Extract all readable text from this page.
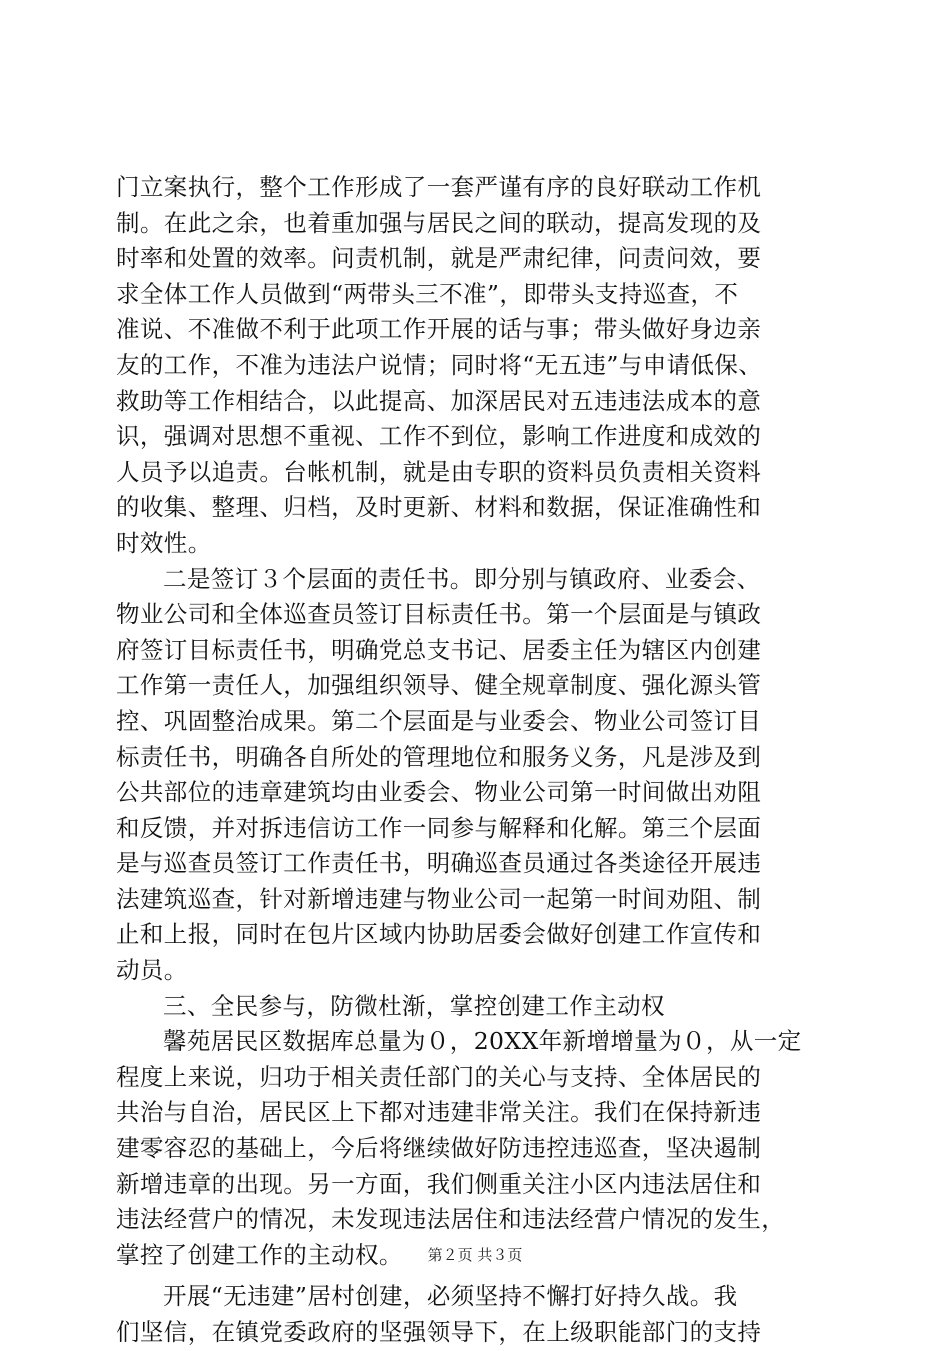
门立案执行，整个工作形成了一套严谨有序的良好联动工作机
制。在此之余，也着重加强与居民之间的联动，提高发现的及
时率和处置的效率。问责机制，就是严肃纪律，问责问效，要
求全体工作人员做到“两带头三不准”，即带头支持巡查，不
准说、不准做不利于此项工作开展的话与事；带头做好身边亲
友的工作，不准为违法户说情；同时将“无五违”与申请低保、
救助等工作相结合，以此提高、加深居民对五违违法成本的意
识，强调对思想不重视、工作不到位，影响工作进度和成效的
人员予以追责。台帐机制，就是由专职的资料员负责相关资料
的收集、整理、归档，及时更新、材料和数据，保证准确性和
时效性。
二是签订３个层面的责任书。即分别与镇政府、业委会、
物业公司和全体巡查员签订目标责任书。第一个层面是与镇政
府签订目标责任书，明确党总支书记、居委主任为辖区内创建
工作第一责任人，加强组织领导、健全规章制度、强化源头管
控、巩固整治成果。第二个层面是与业委会、物业公司签订目
标责任书，明确各自所处的管理地位和服务义务，凡是涉及到
公共部位的违章建筑均由业委会、物业公司第一时间做出劝阻
和反馈，并对拆违信访工作一同参与解释和化解。第三个层面
是与巡查员签订工作责任书，明确巡查员通过各类途径开展违
法建筑巡查，针对新增违建与物业公司一起第一时间劝阻、制
止和上报，同时在包片区域内协助居委会做好创建工作宣传和
动员。
三、全民参与，防微杜渐，掌控创建工作主动权
馨苑居民区数据库总量为０，20XX年新增增量为０，从一定
程度上来说，归功于相关责任部门的关心与支持、全体居民的
共治与自治，居民区上下都对违建非常关注。我们在保持新违
建零容忍的基础上，今后将继续做好防违控违巡查，坚决遏制
新增违章的出现。另一方面，我们侧重关注小区内违法居住和
违法经营户的情况，未发现违法居住和违法经营户情况的发生，
掌控了创建工作的主动权。
开展“无违建”居村创建，必须坚持不懈打好持久战。我
们坚信，在镇党委政府的坚强领导下，在上级职能部门的支持
第２页 共３页
